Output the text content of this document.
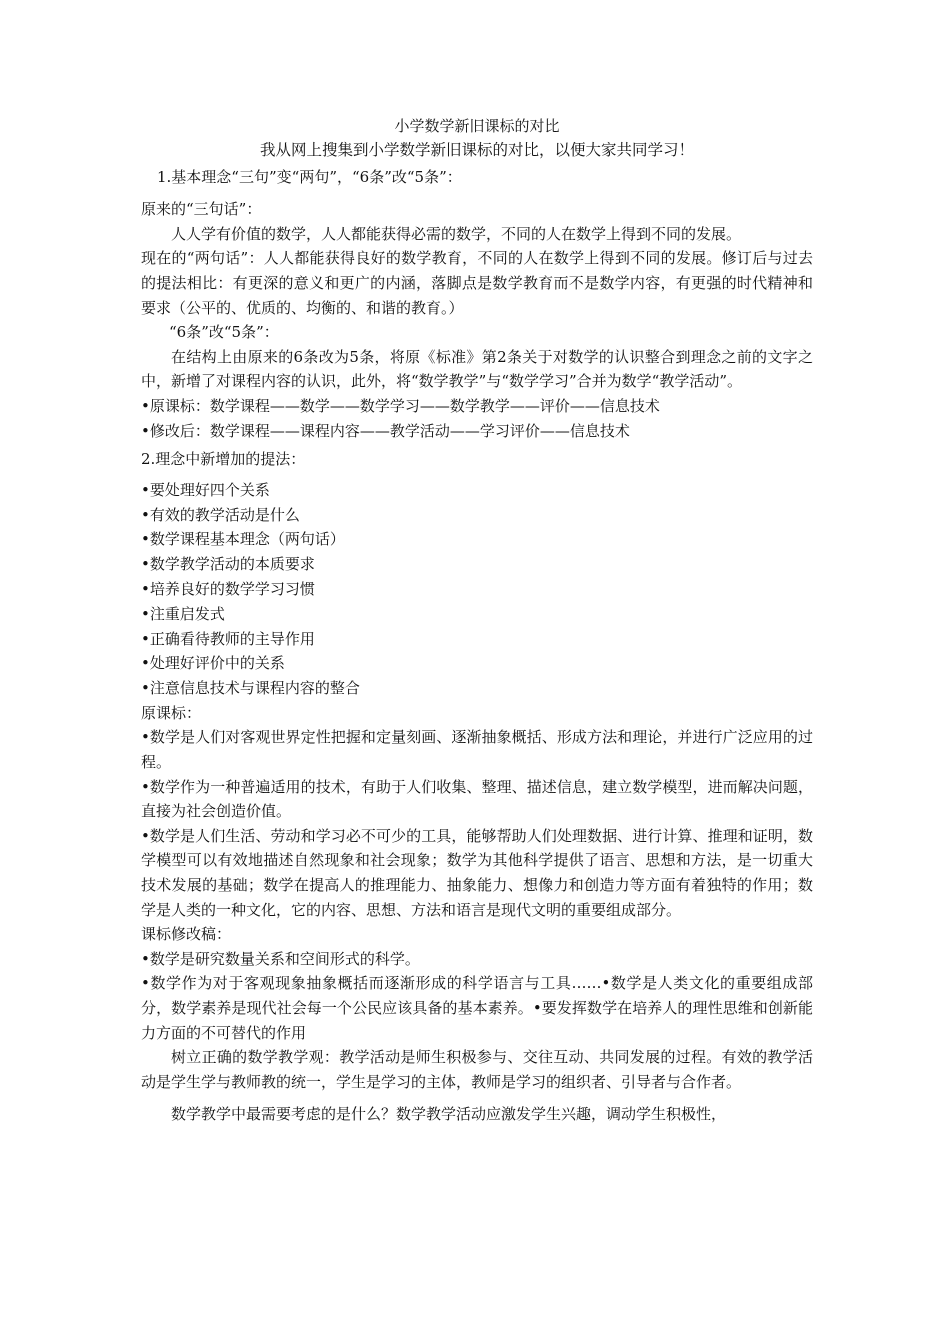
小学数学新旧课标的对比

我从网上搜集到小学数学新旧课标的对比，以便大家共同学习！

1.基本理念“三句”变“两句”，“6条”改“5条”：

原来的“三句话”：

人人学有价值的数学，人人都能获得必需的数学，不同的人在数学上得到不同的发展。

现在的“两句话”：人人都能获得良好的数学教育，不同的人在数学上得到不同的发展。修订后与过去的提法相比：有更深的意义和更广的内涵，落脚点是数学教育而不是数学内容，有更强的时代精神和要求（公平的、优质的、均衡的、和谐的教育。）

“6条”改“5条”：

在结构上由原来的6条改为5条，将原《标准》第2条关于对数学的认识整合到理念之前的文字之中，新增了对课程内容的认识，此外，将“数学教学”与“数学学习”合并为数学“教学活动”。

•原课标：数学课程——数学——数学学习——数学教学——评价——信息技术

•修改后：数学课程——课程内容——教学活动——学习评价——信息技术

2.理念中新增加的提法：

•要处理好四个关系

•有效的教学活动是什么

•数学课程基本理念（两句话）

•数学教学活动的本质要求

•培养良好的数学学习习惯

•注重启发式

•正确看待教师的主导作用

•处理好评价中的关系

•注意信息技术与课程内容的整合

原课标：

•数学是人们对客观世界定性把握和定量刻画、逐渐抽象概括、形成方法和理论，并进行广泛应用的过程。

•数学作为一种普遍适用的技术，有助于人们收集、整理、描述信息，建立数学模型，进而解决问题，直接为社会创造价值。

•数学是人们生活、劳动和学习必不可少的工具，能够帮助人们处理数据、进行计算、推理和证明，数学模型可以有效地描述自然现象和社会现象；数学为其他科学提供了语言、思想和方法，是一切重大技术发展的基础；数学在提高人的推理能力、抽象能力、想像力和创造力等方面有着独特的作用；数学是人类的一种文化，它的内容、思想、方法和语言是现代文明的重要组成部分。

课标修改稿：

•数学是研究数量关系和空间形式的科学。

•数学作为对于客观现象抽象概括而逐渐形成的科学语言与工具……•数学是人类文化的重要组成部分，数学素养是现代社会每一个公民应该具备的基本素养。•要发挥数学在培养人的理性思维和创新能力方面的不可替代的作用

树立正确的数学教学观：教学活动是师生积极参与、交往互动、共同发展的过程。有效的教学活动是学生学与教师教的统一，学生是学习的主体，教师是学习的组织者、引导者与合作者。

数学教学中最需要考虑的是什么？数学教学活动应激发学生兴趣，调动学生积极性，
